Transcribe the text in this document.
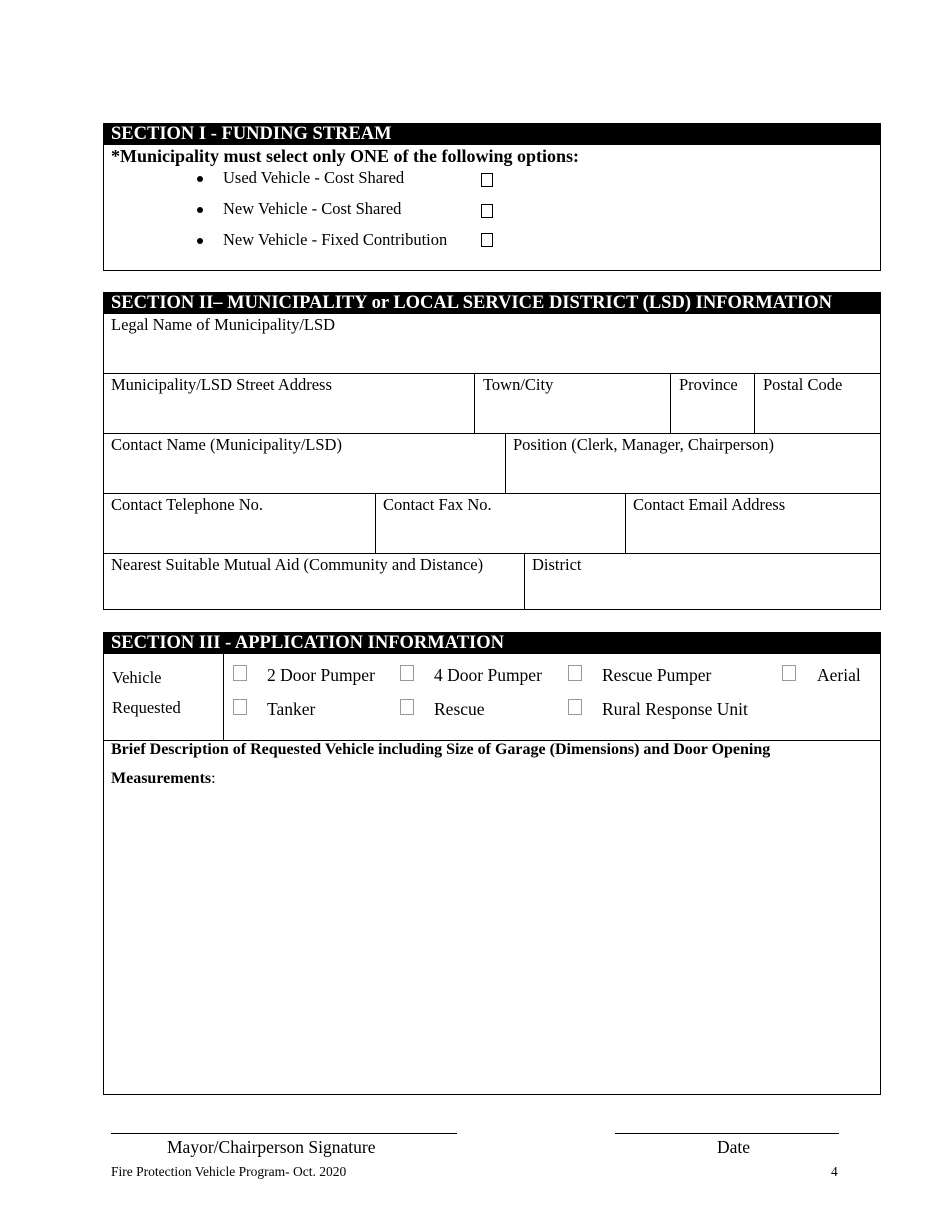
SECTION I - FUNDING STREAM
*Municipality must select only ONE of the following options:
Used Vehicle - Cost Shared
New Vehicle - Cost Shared
New Vehicle - Fixed Contribution
SECTION II– MUNICIPALITY or LOCAL SERVICE DISTRICT (LSD) INFORMATION
Legal Name of Municipality/LSD
Municipality/LSD Street Address	Town/City	Province Postal Code
Contact Name (Municipality/LSD)	Position (Clerk, Manager, Chairperson)
Contact Telephone No.	Contact Fax No.	Contact Email Address
Nearest Suitable Mutual Aid (Community and Distance)	District
SECTION III - APPLICATION INFORMATION
Vehicle
Requested
2 Door Pumper	4 Door Pumper	Rescue Pumper	Aerial
Tanker	Rescue	Rural Response Unit
Brief Description of Requested Vehicle including Size of Garage (Dimensions) and Door Opening
Measurements:
Mayor/Chairperson Signature	Date
Fire Protection Vehicle Program- Oct. 2020	4
